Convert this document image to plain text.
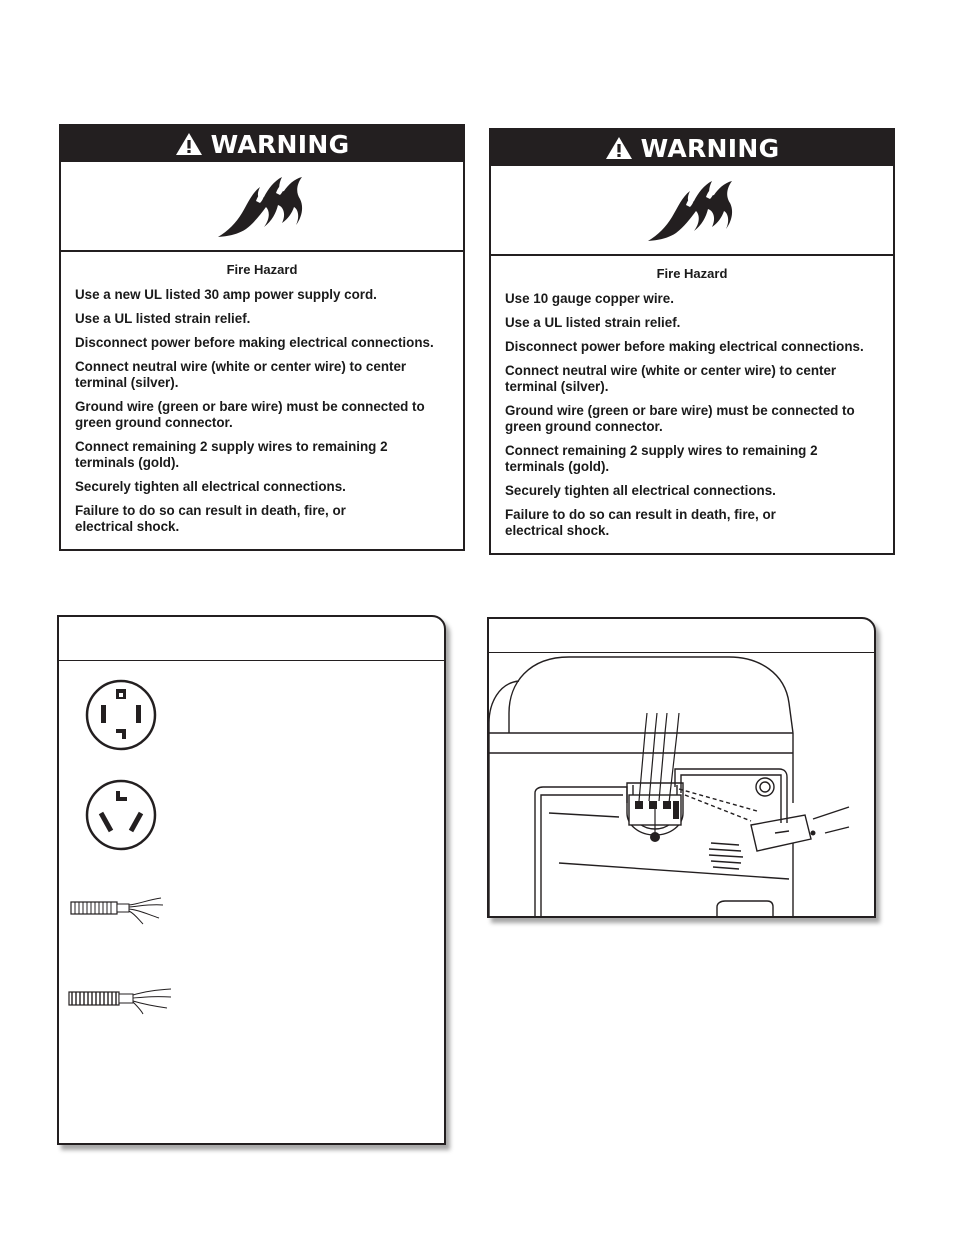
WARNING
Fire Hazard
Use a new UL listed 30 amp power supply cord.
Use a UL listed strain relief.
Disconnect power before making electrical connections.
Connect neutral wire (white or center wire) to center terminal (silver).
Ground wire (green or bare wire) must be connected to green ground connector.
Connect remaining 2 supply wires to remaining 2 terminals (gold).
Securely tighten all electrical connections.
Failure to do so can result in death, fire, or electrical shock.
WARNING
Fire Hazard
Use 10 gauge copper wire.
Use a UL listed strain relief.
Disconnect power before making electrical connections.
Connect neutral wire (white or center wire) to center terminal (silver).
Ground wire (green or bare wire) must be connected to green ground connector.
Connect remaining 2 supply wires to remaining 2 terminals (gold).
Securely tighten all electrical connections.
Failure to do so can result in death, fire, or electrical shock.
